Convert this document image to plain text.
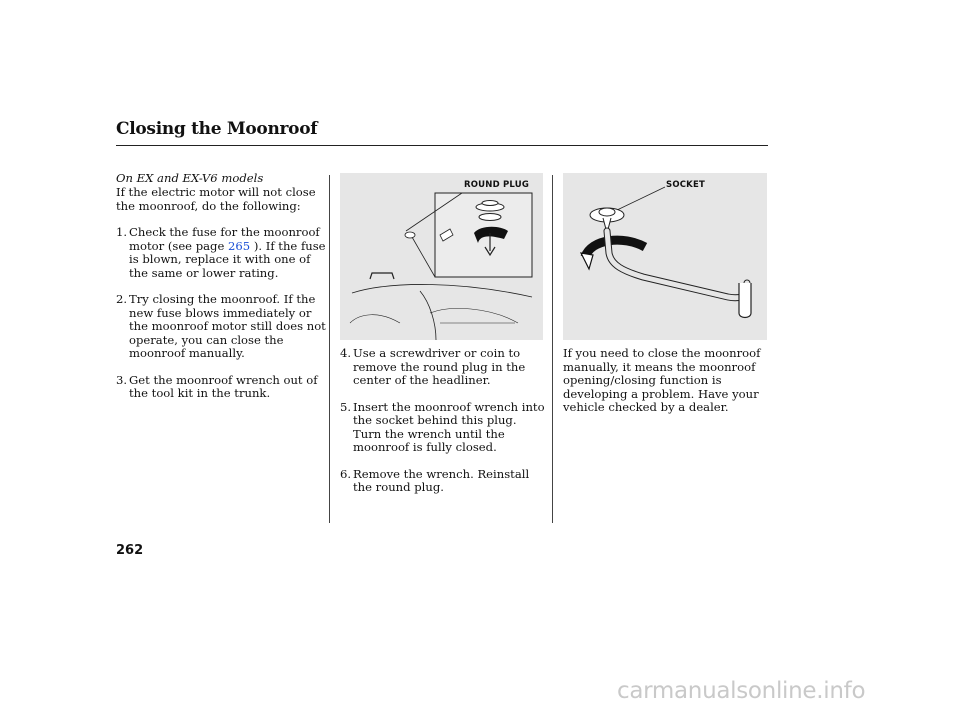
Closing the Moonroof
On EX and EX-V6 models

If the electric motor will not close the moonroof, do the following:

1. Check the fuse for the moonroof motor (see page 265 ). If the fuse is blown, replace it with one of the same or lower rating.
2. Try closing the moonroof. If the new fuse blows immediately or the moonroof motor still does not operate, you can close the moonroof manually.
3. Get the moonroof wrench out of the tool kit in the trunk.
ROUND PLUG
4. Use a screwdriver or coin to remove the round plug in the center of the headliner.
5. Insert the moonroof wrench into the socket behind this plug. Turn the wrench until the moonroof is fully closed.
6. Remove the wrench. Reinstall the round plug.
SOCKET

If you need to close the moonroof manually, it means the moonroof opening/closing function is developing a problem. Have your vehicle checked by a dealer.

262
carmanualsonline.info
